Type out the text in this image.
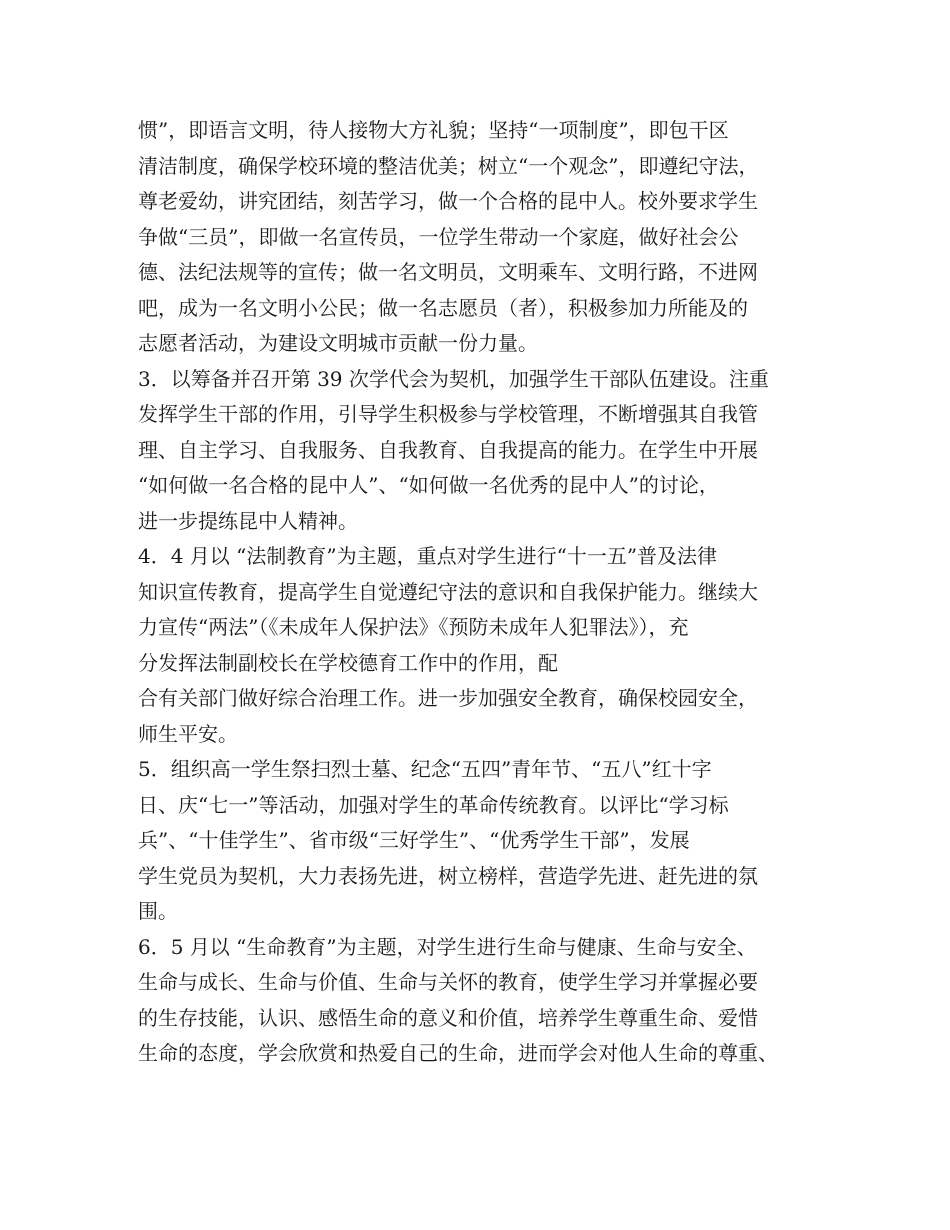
惯”，即语言文明，待人接物大方礼貌；坚持“一项制度”，即包干区
清洁制度，确保学校环境的整洁优美；树立“一个观念”，即遵纪守法，
尊老爱幼，讲究团结，刻苦学习，做一个合格的昆中人。校外要求学生
争做“三员”，即做一名宣传员，一位学生带动一个家庭，做好社会公
德、法纪法规等的宣传；做一名文明员，文明乘车、文明行路，不进网
吧，成为一名文明小公民；做一名志愿员（者），积极参加力所能及的
志愿者活动，为建设文明城市贡献一份力量。
3．以筹备并召开第 39 次学代会为契机，加强学生干部队伍建设。注重
发挥学生干部的作用，引导学生积极参与学校管理，不断增强其自我管
理、自主学习、自我服务、自我教育、自我提高的能力。在学生中开展
“如何做一名合格的昆中人”、“如何做一名优秀的昆中人”的讨论，
进一步提练昆中人精神。
4．4 月以 “法制教育”为主题，重点对学生进行“十一五”普及法律
知识宣传教育，提高学生自觉遵纪守法的意识和自我保护能力。继续大
力宣传“两法”（《未成年人保护法》《预防未成年人犯罪法》），充
分发挥法制副校长在学校德育工作中的作用，配
合有关部门做好综合治理工作。进一步加强安全教育，确保校园安全，
师生平安。
5．组织高一学生祭扫烈士墓、纪念“五四”青年节、“五八”红十字
日、庆“七一”等活动，加强对学生的革命传统教育。以评比“学习标
兵”、“十佳学生”、省市级“三好学生”、“优秀学生干部”，发展
学生党员为契机，大力表扬先进，树立榜样，营造学先进、赶先进的氛
围。
6．5 月以 “生命教育”为主题，对学生进行生命与健康、生命与安全、
生命与成长、生命与价值、生命与关怀的教育，使学生学习并掌握必要
的生存技能，认识、感悟生命的意义和价值，培养学生尊重生命、爱惜
生命的态度，学会欣赏和热爱自己的生命，进而学会对他人生命的尊重、
